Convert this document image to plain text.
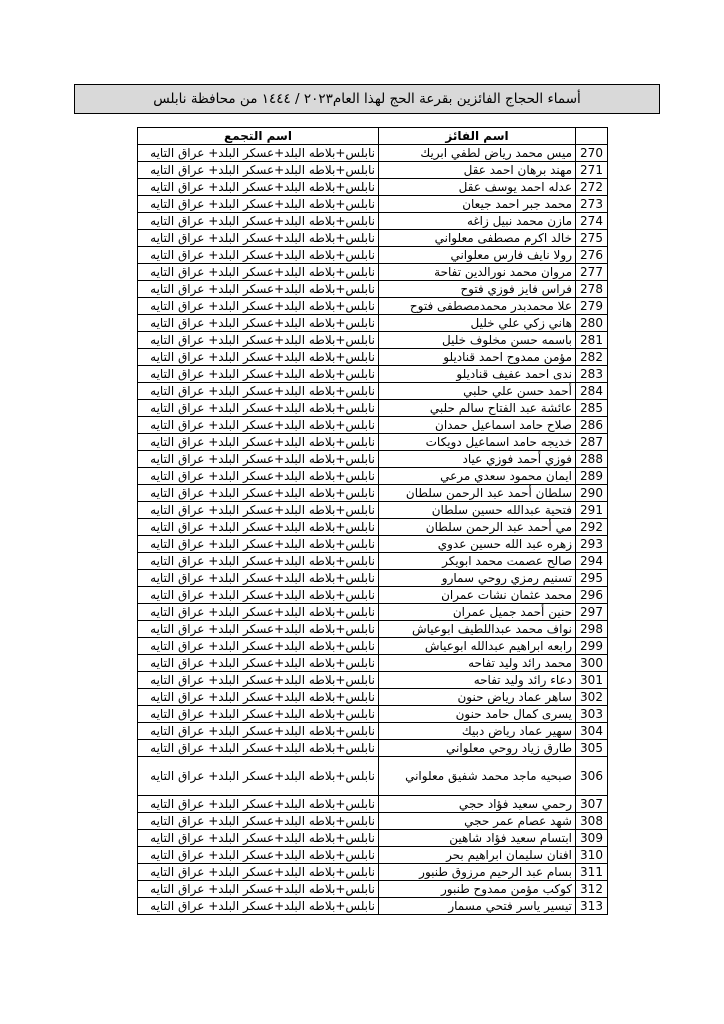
أسماء الحجاج الفائزين بقرعة الحج لهذا العام٢٠٢٣ / ١٤٤٤ من محافظة نابلس
	اسم الفائز	اسم التجمع
270	ميس محمد رياض لطفي ابريك	نابلس+بلاطه البلد+عسكر البلد+ عراق التايه
271	مهند برهان احمد عقل	نابلس+بلاطه البلد+عسكر البلد+ عراق التايه
272	عدله احمد يوسف عقل	نابلس+بلاطه البلد+عسكر البلد+ عراق التايه
273	محمد جبر احمد جيعان	نابلس+بلاطه البلد+عسكر البلد+ عراق التايه
274	مازن محمد نبيل زاغه	نابلس+بلاطه البلد+عسكر البلد+ عراق التايه
275	خالد اكرم مصطفى معلواني	نابلس+بلاطه البلد+عسكر البلد+ عراق التايه
276	رولا نايف فارس معلواني	نابلس+بلاطه البلد+عسكر البلد+ عراق التايه
277	مروان محمد نورالدين تفاحة	نابلس+بلاطه البلد+عسكر البلد+ عراق التايه
278	فراس فايز فوزي فتوح	نابلس+بلاطه البلد+عسكر البلد+ عراق التايه
279	علا محمدبدر محمدمصطفى فتوح	نابلس+بلاطه البلد+عسكر البلد+ عراق التايه
280	هاني زكي علي خليل	نابلس+بلاطه البلد+عسكر البلد+ عراق التايه
281	باسمه حسن مخلوف خليل	نابلس+بلاطه البلد+عسكر البلد+ عراق التايه
282	مؤمن ممدوح احمد قناديلو	نابلس+بلاطه البلد+عسكر البلد+ عراق التايه
283	ندى احمد عفيف قناديلو	نابلس+بلاطه البلد+عسكر البلد+ عراق التايه
284	أحمد حسن علي حلبي	نابلس+بلاطه البلد+عسكر البلد+ عراق التايه
285	عائشة عبد الفتاح سالم حلبي	نابلس+بلاطه البلد+عسكر البلد+ عراق التايه
286	صلاح حامد اسماعيل حمدان	نابلس+بلاطه البلد+عسكر البلد+ عراق التايه
287	خديجه حامد اسماعيل دويكات	نابلس+بلاطه البلد+عسكر البلد+ عراق التايه
288	فوزي أحمد فوزي عياد	نابلس+بلاطه البلد+عسكر البلد+ عراق التايه
289	ايمان محمود سعدي مرعي	نابلس+بلاطه البلد+عسكر البلد+ عراق التايه
290	سلطان أحمد عبد الرحمن سلطان	نابلس+بلاطه البلد+عسكر البلد+ عراق التايه
291	فتحية عبدالله حسين سلطان	نابلس+بلاطه البلد+عسكر البلد+ عراق التايه
292	مي أحمد عبد الرحمن سلطان	نابلس+بلاطه البلد+عسكر البلد+ عراق التايه
293	زهره عبد الله حسين عدوي	نابلس+بلاطه البلد+عسكر البلد+ عراق التايه
294	صالح عصمت محمد ابويكر	نابلس+بلاطه البلد+عسكر البلد+ عراق التايه
295	تسنيم رمزي روحي سمارو	نابلس+بلاطه البلد+عسكر البلد+ عراق التايه
296	محمد عثمان نشات عمران	نابلس+بلاطه البلد+عسكر البلد+ عراق التايه
297	حنين أحمد جميل عمران	نابلس+بلاطه البلد+عسكر البلد+ عراق التايه
298	نواف محمد عبداللطيف ابوعياش	نابلس+بلاطه البلد+عسكر البلد+ عراق التايه
299	رابعه ابراهيم عبدالله ابوعياش	نابلس+بلاطه البلد+عسكر البلد+ عراق التايه
300	محمد رائد وليد تفاحه	نابلس+بلاطه البلد+عسكر البلد+ عراق التايه
301	دعاء رائد وليد تفاحه	نابلس+بلاطه البلد+عسكر البلد+ عراق التايه
302	ساهر عماد رياض حنون	نابلس+بلاطه البلد+عسكر البلد+ عراق التايه
303	يسرى كمال حامد حنون	نابلس+بلاطه البلد+عسكر البلد+ عراق التايه
304	سهير عماد رياض دبيك	نابلس+بلاطه البلد+عسكر البلد+ عراق التايه
305	طارق زياد روحي معلواني	نابلس+بلاطه البلد+عسكر البلد+ عراق التايه
306	صبحيه ماجد محمد شفيق معلواني	نابلس+بلاطه البلد+عسكر البلد+ عراق التايه
307	رحمي سعيد فؤاد حجي	نابلس+بلاطه البلد+عسكر البلد+ عراق التايه
308	شهد عصام عمر حجي	نابلس+بلاطه البلد+عسكر البلد+ عراق التايه
309	ابتسام سعيد فؤاد شاهين	نابلس+بلاطه البلد+عسكر البلد+ عراق التايه
310	افنان سليمان ابراهيم بحر	نابلس+بلاطه البلد+عسكر البلد+ عراق التايه
311	بسام عبد الرحيم مرزوق طنبور	نابلس+بلاطه البلد+عسكر البلد+ عراق التايه
312	كوكب مؤمن ممدوح طنبور	نابلس+بلاطه البلد+عسكر البلد+ عراق التايه
313	تيسير ياسر فتحي مسمار	نابلس+بلاطه البلد+عسكر البلد+ عراق التايه
